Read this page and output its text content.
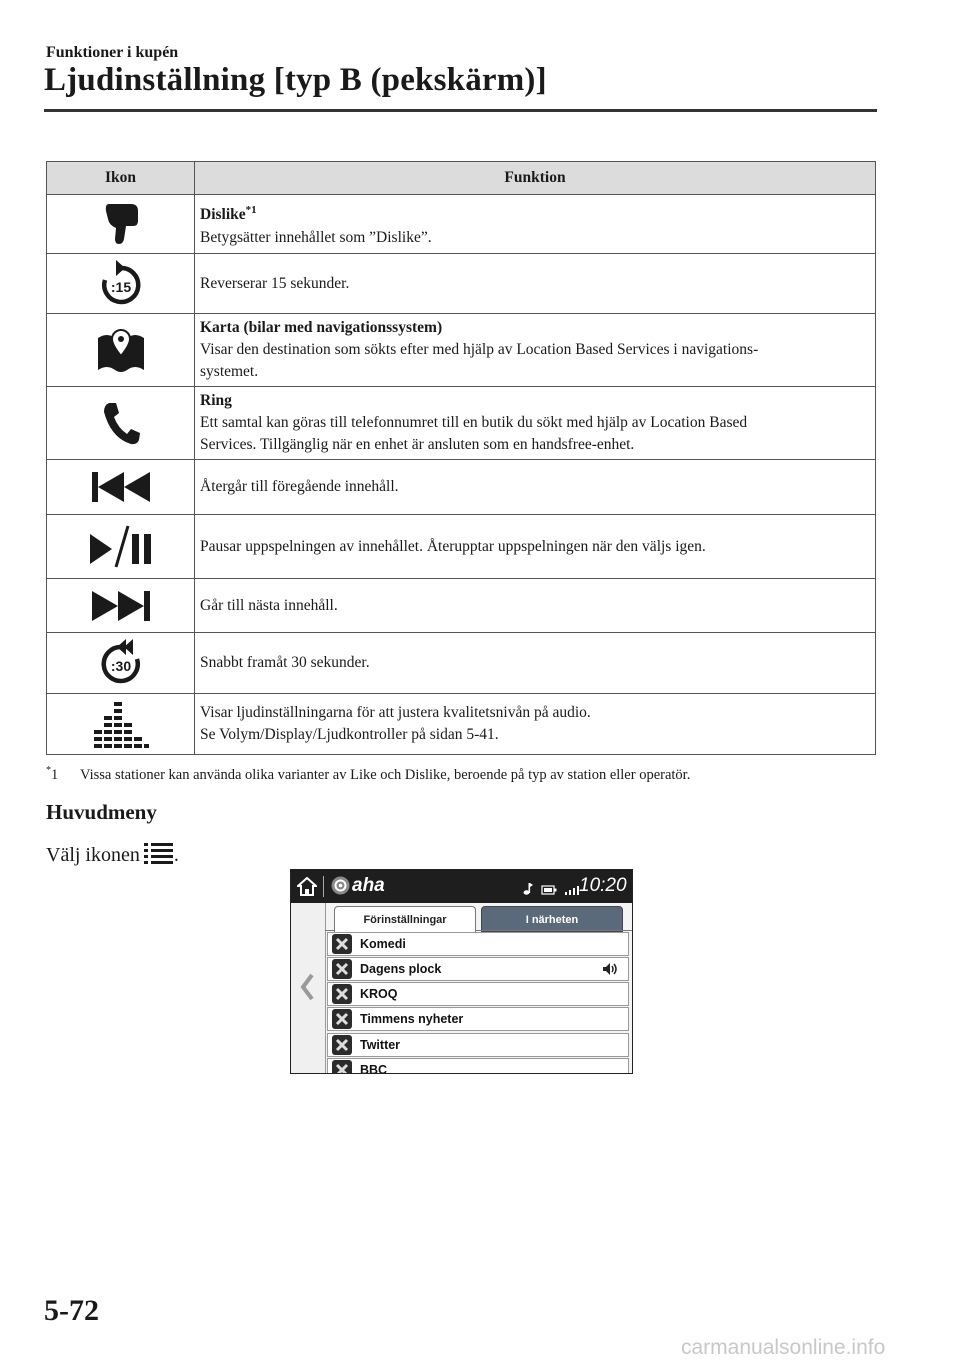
Funktioner i kupén
Ljudinställning [typ B (pekskärm)]
Ikon	Funktion

Dislike$^{*1}$
Betygsätter innehållet som ”Dislike”.

:15	Reverserar 15 sekunder.

Karta (bilar med navigationssystem)
Visar den destination som sökts efter med hjälp av Location Based Services i navigations-
systemet.

Ring
Ett samtal kan göras till telefonnumret till en butik du sökt med hjälp av Location Based
Services. Tillgänglig när en enhet är ansluten som en handsfree-enhet.

Återgår till föregående innehåll.

Pausar uppspelningen av innehållet. Återupptar uppspelningen när den väljs igen.

Går till nästa innehåll.

:30	Snabbt framåt 30 sekunder.

Visar ljudinställningarna för att justera kvalitetsnivån på audio.
Se Volym/Display/Ljudkontroller på sidan 5-41.
*1 Vissa stationer kan använda olika varianter av Like och Dislike, beroende på typ av station eller operatör.
Huvudmeny
Välj ikonen .
aha
	10:20
Förinställningar	I närheten
Komedi
Dagens plock
KROQ
Timmens nyheter
Twitter
BBC
5-72
carmanualsonline.info
